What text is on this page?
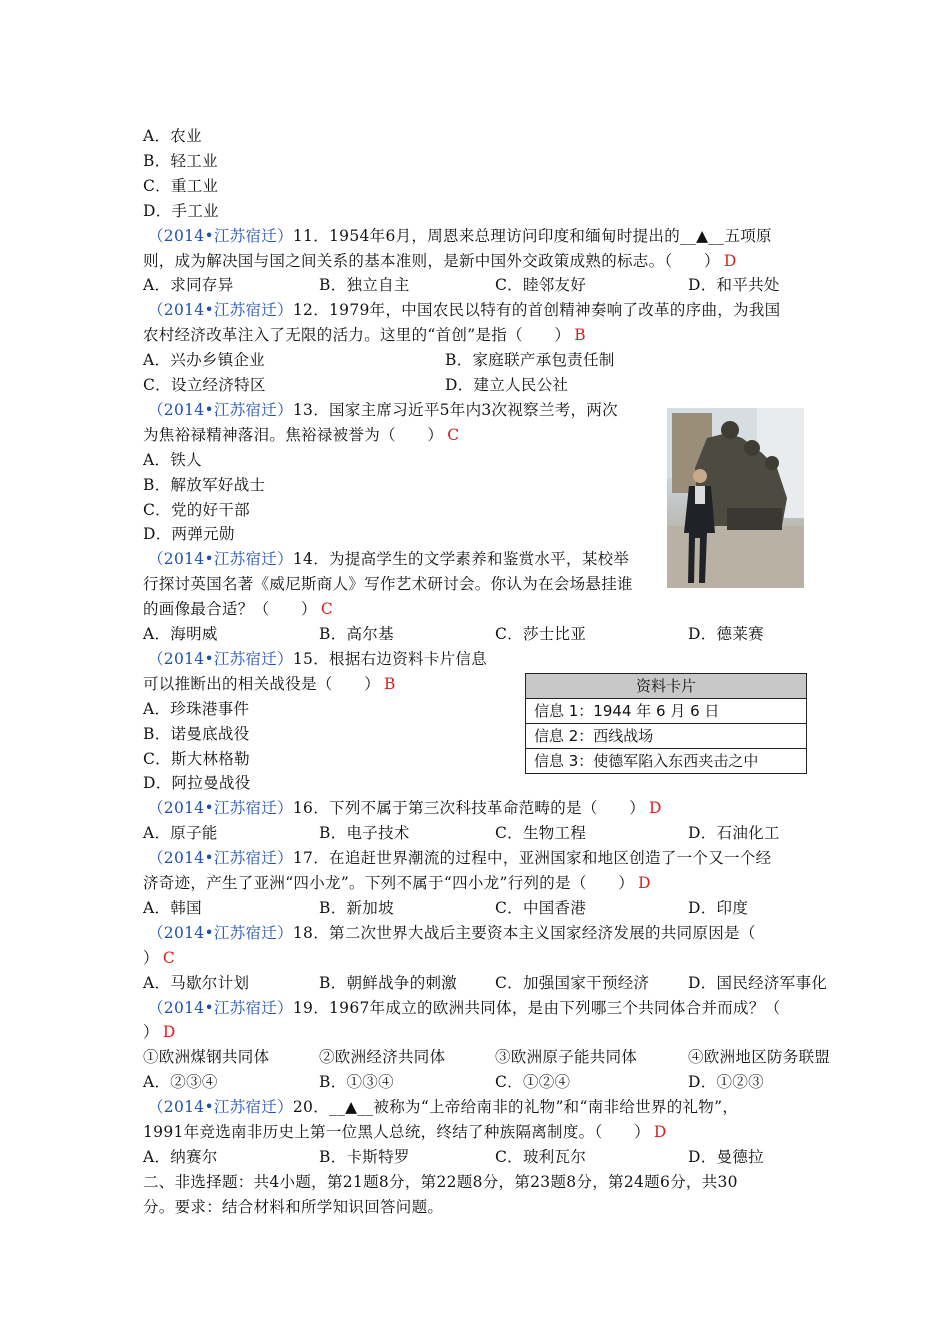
资料卡片
信息 1：1944 年 6 月 6 日
信息 2：西线战场
信息 3：使德军陷入东西夹击之中
A．农业
B．轻工业
C．重工业
D．手工业
（2014•江苏宿迁）11．1954年6月，周恩来总理访问印度和缅甸时提出的__▲__五项原
则，成为解决国与国之间关系的基本准则，是新中国外交政策成熟的标志。（　　） D
A．求同存异	B．独立自主	C．睦邻友好	D．和平共处
（2014•江苏宿迁）12．1979年，中国农民以特有的首创精神奏响了改革的序曲，为我国
农村经济改革注入了无限的活力。这里的“首创”是指（　　） B
A．兴办乡镇企业	B．家庭联产承包责任制
C．设立经济特区	D．建立人民公社
（2014•江苏宿迁）13．国家主席习近平5年内3次视察兰考，两次
为焦裕禄精神落泪。焦裕禄被誉为（　　） C
A．铁人
B．解放军好战士
C．党的好干部
D．两弹元勋
（2014•江苏宿迁）14．为提高学生的文学素养和鉴赏水平，某校举
行探讨英国名著《威尼斯商人》写作艺术研讨会。你认为在会场悬挂谁
的画像最合适？（　　） C
A．海明威	B．高尔基	C．莎士比亚	D．德莱赛
（2014•江苏宿迁）15．根据右边资料卡片信息
可以推断出的相关战役是（　　） B
A．珍珠港事件
B．诺曼底战役
C．斯大林格勒
D．阿拉曼战役
（2014•江苏宿迁）16．下列不属于第三次科技革命范畴的是（　　） D
A．原子能	B．电子技术	C．生物工程	D．石油化工
（2014•江苏宿迁）17．在追赶世界潮流的过程中，亚洲国家和地区创造了一个又一个经
济奇迹，产生了亚洲“四小龙”。下列不属于“四小龙”行列的是（　　） D
A．韩国	B．新加坡	C．中国香港	D．印度
（2014•江苏宿迁）18．第二次世界大战后主要资本主义国家经济发展的共同原因是（
） C
A．马歇尔计划	B．朝鲜战争的刺激 C．加强国家干预经济 D．国民经济军事化
（2014•江苏宿迁）19．1967年成立的欧洲共同体，是由下列哪三个共同体合并而成？（
） D
①欧洲煤钢共同体	②欧洲经济共同体	③欧洲原子能共同体	④欧洲地区防务联盟
A．②③④	B．①③④	C．①②④	D．①②③
（2014•江苏宿迁）20．__▲__被称为“上帝给南非的礼物”和“南非给世界的礼物”，
1991年竞选南非历史上第一位黑人总统，终结了种族隔离制度。（　　） D
A．纳赛尔	B．卡斯特罗	C．玻利瓦尔	D．曼德拉
二、非选择题：共4小题，第21题8分，第22题8分，第23题8分，第24题6分，共30
分。要求：结合材料和所学知识回答问题。
